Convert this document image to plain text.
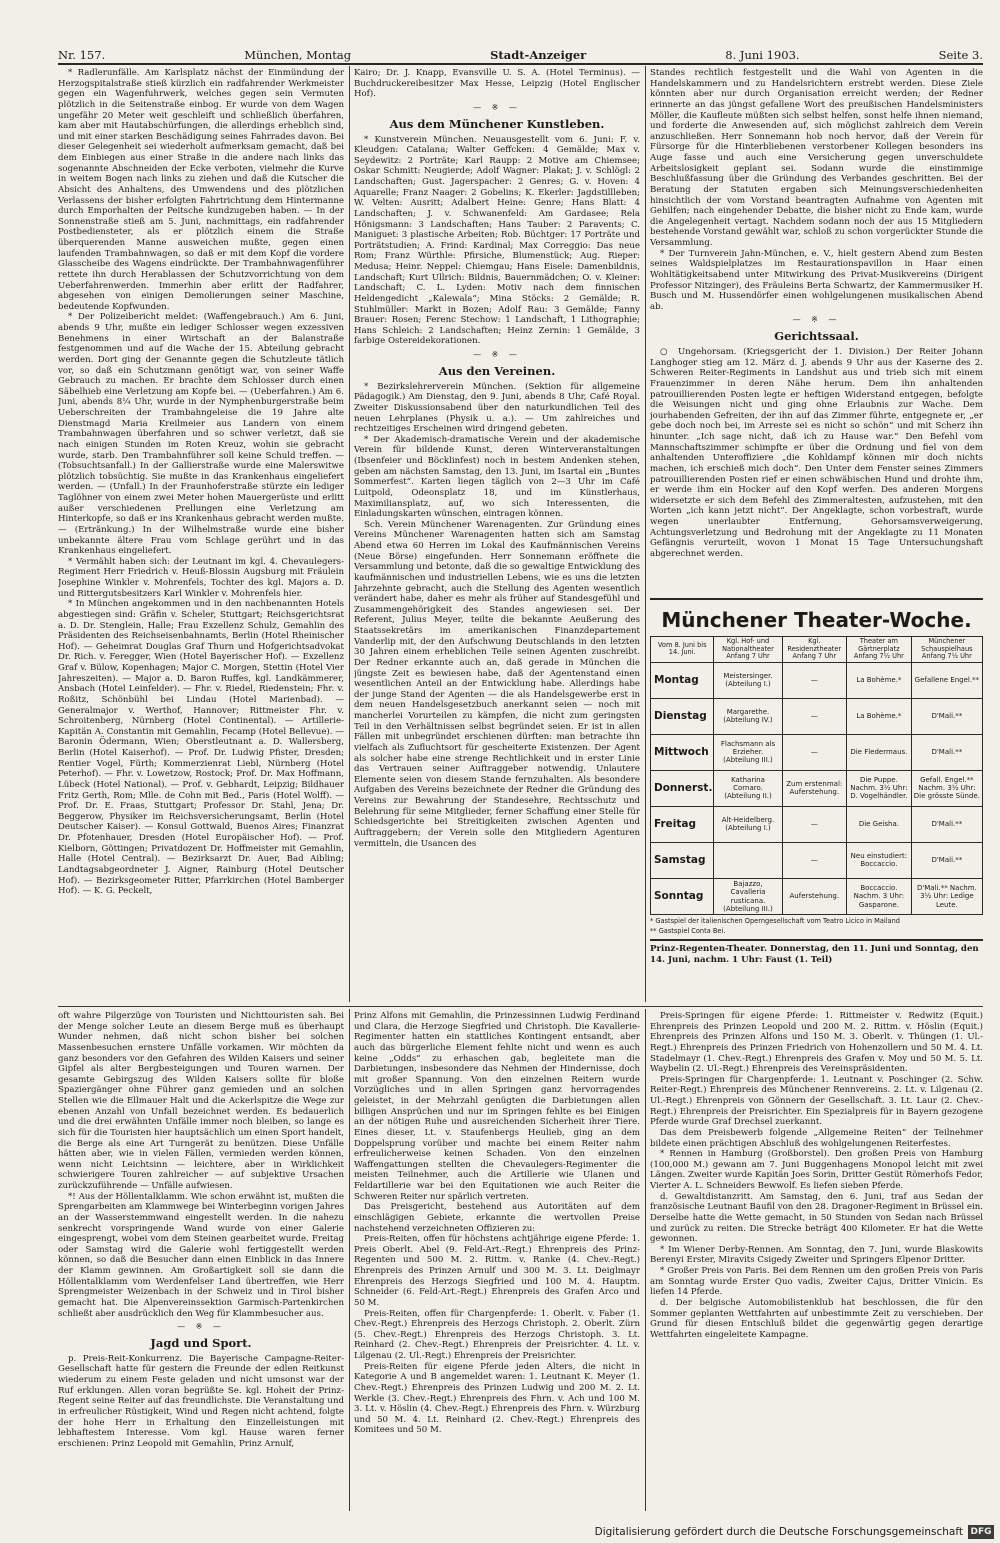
Nr. 157.	München, Montag	Stadt-Anzeiger	8. Juni 1903.	Seite 3.

* Radlerunfälle. Am Karlsplatz nächst der Einmündung der Herzogspitalstraße stieß kürzlich ein radfahrender Werkmeister gegen ein Wagenfuhrwerk, welches gegen sein Vermuten plötzlich in die Seitenstraße einbog. Er wurde von dem Wagen ungefähr 20 Meter weit geschleift und schließlich überfahren, kam aber mit Hautabschürfungen, die allerdings erheblich sind, und mit einer starken Beschädigung seines Fahrrades davon. Bei dieser Gelegenheit sei wiederholt aufmerksam gemacht, daß bei dem Einbiegen aus einer Straße in die andere nach links das sogenannte Abschneiden der Ecke verboten, vielmehr die Kurve in weitem Bogen nach links zu ziehen und daß die Kutscher die Absicht des Anhaltens, des Umwendens und des plötzlichen Verlassens der bisher erfolgten Fahrtrichtung dem Hintermanne durch Emporhalten der Peitsche kundzugeben haben. — In der Sonnenstraße stieß am 5. Juni, nachmittags, ein radfahrender Postbediensteter, als er plötzlich einem die Straße überquerenden Manne ausweichen mußte, gegen einen laufenden Trambahnwagen, so daß er mit dem Kopf die vordere Glasscheibe des Wagens eindrückte. Der Trambahnwagenführer rettete ihn durch Herablassen der Schutzvorrichtung von dem Ueberfahrenwerden. Immerhin aber erlitt der Radfahrer, abgesehen von einigen Demolierungen seiner Maschine, bedeutende Kopfwunden.

* Der Polizeibericht meldet: (Waffengebrauch.) Am 6. Juni, abends 9 Uhr, mußte ein lediger Schlosser wegen exzessiven Benehmens in einer Wirtschaft an der Balanstraße festgenommen und auf die Wache der 15. Abteilung gebracht werden. Dort ging der Genannte gegen die Schutzleute tätlich vor, so daß ein Schutzmann genötigt war, von seiner Waffe Gebrauch zu machen. Er brachte dem Schlosser durch einen Säbelhieb eine Verletzung am Kopfe bei. — (Ueberfahren.) Am 6. Juni, abends 8¼ Uhr, wurde in der Nymphenburgerstraße beim Ueberschreiten der Trambahngeleise die 19 Jahre alte Dienstmagd Maria Kreilmeier aus Landern von einem Trambahnwagen überfahren und so schwer verletzt, daß sie nach einigen Stunden im Roten Kreuz, wohin sie gebracht wurde, starb. Den Trambahnführer soll keine Schuld treffen. — (Tobsuchtsanfall.) In der Gallierstraße wurde eine Malerswitwe plötzlich tobsüchtig. Sie mußte in das Krankenhaus eingeliefert werden. — (Unfall.) In der Fraunhoferstraße stürzte ein lediger Taglöhner von einem zwei Meter hohen Mauergerüste und erlitt außer verschiedenen Prellungen eine Verletzung am Hinterkopfe, so daß er ins Krankenhaus gebracht werden mußte. — (Ertränkung.) In der Wilhelmstraße wurde eine bisher unbekannte ältere Frau vom Schlage gerührt und in das Krankenhaus eingeliefert.

* Vermählt haben sich: der Leutnant im kgl. 4. Chevaulegers-Regiment Herr Friedrich v. Heuß-Blossin Augsburg mit Fräulein Josephine Winkler v. Mohrenfels, Tochter des kgl. Majors a. D. und Rittergutsbesitzers Karl Winkler v. Mohrenfels hier.

* In München angekommen und in den nachbenannten Hotels abgestiegen sind: Gräfin v. Scheler, Stuttgart; Reichsgerichtsrat a. D. Dr. Stenglein, Halle; Frau Exzellenz Schulz, Gemahlin des Präsidenten des Reichseisenbahnamts, Berlin (Hotel Rheinischer Hof). — Geheimrat Douglas Graf Thurn und Hofgerichtsadvokat Dr. Rich. v. Feregger, Wien (Hotel Bayerischer Hof). — Exzellenz Graf v. Bülow, Kopenhagen; Major C. Morgen, Stettin (Hotel Vier Jahreszeiten). — Major a. D. Baron Ruffes, kgl. Landkämmerer, Ansbach (Hotel Leinfelder). — Fhr. v. Riedel, Riedenstein; Fhr. v. Roßitz, Schönbühl bei Lindau (Hotel Marienbad). — Generalmajor v. Werthof, Hannover; Rittmeister Fhr. v. Schroitenberg, Nürnberg (Hotel Continental). — Artillerie-Kapitän A. Constantin mit Gemahlin, Fecamp (Hotel Bellevue). — Baronin Ödermann, Wien; Oberstleutnant a. D. Wallersberg, Berlin (Hotel Kaiserhof). — Prof. Dr. Ludwig Pfister, Dresden; Rentier Vogel, Fürth; Kommerzienrat Liebl, Nürnberg (Hotel Peterhof). — Fhr. v. Lowetzow, Rostock; Prof. Dr. Max Hoffmann, Lübeck (Hotel National). — Prof. v. Gebhardt, Leipzig; Bildhauer Fritz Gerth, Rom; Mlle. de Cohn mit Bed., Paris (Hotel Wolff). — Prof. Dr. E. Fraas, Stuttgart; Professor Dr. Stahl, Jena; Dr. Beggerow, Physiker im Reichsversicherungsamt, Berlin (Hotel Deutscher Kaiser). — Konsul Gottwald, Buenos Aires; Finanzrat Dr. Pfotenhauer, Dresden (Hotel Europäischer Hof). — Prof. Kielborn, Göttingen; Privatdozent Dr. Hoffmeister mit Gemahlin, Halle (Hotel Central). — Bezirksarzt Dr. Auer, Bad Aibling; Landtagsabgeordneter J. Aigner, Rainburg (Hotel Deutscher Hof). — Bezirksgeometer Ritter, Pfarrkirchen (Hotel Bamberger Hof). — K. G. Peckelt,

Kairo; Dr. J. Knapp, Evansville U. S. A. (Hotel Terminus). — Buchdruckereibesitzer Max Hesse, Leipzig (Hotel Englischer Hof).

— ※ —
Aus dem Münchener Kunstleben.

* Kunstverein München. Neuausgestellt vom 6. Juni: F. v. Kleudgen: Catalana; Walter Geffcken: 4 Gemälde; Max v. Seydewitz: 2 Porträte; Karl Raupp: 2 Motive am Chiemsee; Oskar Schmitt: Neugierde; Adolf Wagner: Plakat; J. v. Schlögl: 2 Landschaften; Gust. Jagerspacher: 2 Genres; G. v. Hoven: 4 Aquarelle; Franz Naager: 2 Gobelins; K. Ekerler: Jagdstillleben; W. Velten: Ausritt; Adalbert Heine: Genre; Hans Blatt: 4 Landschaften; J. v. Schwanenfeld: Am Gardasee; Rela Hönigsmann: 3 Landschaften; Hans Tauber: 2 Paravents; C. Maniguet: 3 plastische Arbeiten; Rob. Büchtger: 17 Porträte und Porträtstudien; A. Frind: Kardinal; Max Correggio: Das neue Rom; Franz Würthle: Pfirsiche, Blumenstück; Aug. Rieper: Medusa; Heinr. Neppel: Chiemgau; Hans Eisele: Damenbildnis, Landschaft; Kurt Ullrich: Bildnis, Bauernmädchen; O. v. Kleiner: Landschaft; C. L. Lyden: Motiv nach dem finnischen Heldengedicht „Kalewala“; Mina Stöcks: 2 Gemälde; R. Stuhlmüller: Markt in Bozen; Adolf Rau: 3 Gemälde; Fanny Brauer: Rosen; Ferenc Stechow: 1 Landschaft, 1 Lithographie; Hans Schleich: 2 Landschaften; Heinz Zernin: 1 Gemälde, 3 farbige Ostereidekorationen.

— ※ —
Aus den Vereinen.

* Bezirkslehrerverein München. (Sektion für allgemeine Pädagogik.) Am Dienstag, den 9. Juni, abends 8 Uhr, Café Royal. Zweiter Diskussionsabend über den naturkundlichen Teil des neuen Lehrplanes (Physik u. a.). — Um zahlreiches und rechtzeitiges Erscheinen wird dringend gebeten.

* Der Akademisch-dramatische Verein und der akademische Verein für bildende Kunst, deren Winterveranstaltungen (Ibsenfeier und Böcklinfest) noch in bestem Andenken stehen, geben am nächsten Samstag, den 13. Juni, im Isartal ein „Buntes Sommerfest“. Karten liegen täglich von 2—3 Uhr im Café Luitpold, Odeonsplatz 18, und im Künstlerhaus, Maximiliansplatz, auf, wo sich Interessenten, die Einladungskarten wünschen, eintragen können.

Sch. Verein Münchener Warenagenten. Zur Gründung eines Vereins Münchener Warenagenten hatten sich am Samstag Abend etwa 60 Herren im Lokal des Kaufmännischen Vereins (Neue Börse) eingefunden. Herr Sonnemann eröffnete die Versammlung und betonte, daß die so gewaltige Entwicklung des kaufmännischen und industriellen Lebens, wie es uns die letzten Jahrzehnte gebracht, auch die Stellung des Agenten wesentlich verändert habe, daher es mehr als früher auf Standesgefühl und Zusammengehörigkeit des Standes angewiesen sei. Der Referent, Julius Meyer, teilte die bekannte Aeußerung des Staatssekretärs im amerikanischen Finanzdepartement Vanderlip mit, der den Aufschwung Deutschlands in den letzten 30 Jahren einem erheblichen Teile seinen Agenten zuschreibt. Der Redner erkannte auch an, daß gerade in München die jüngste Zeit es bewiesen habe, daß der Agentenstand einen wesentlichen Anteil an der Entwicklung habe. Allerdings habe der junge Stand der Agenten — die als Handelsgewerbe erst in dem neuen Handelsgesetzbuch anerkannt seien — noch mit mancherlei Vorurteilen zu kämpfen, die nicht zum geringsten Teil in den Verhältnissen selbst begründet seien. Er ist in allen Fällen mit unbegründet erschienen dürften: man betrachte ihn vielfach als Zufluchtsort für gescheiterte Existenzen. Der Agent als solcher habe eine strenge Rechtlichkeit und in erster Linie das Vertrauen seiner Auftraggeber notwendig. Unlautere Elemente seien von diesem Stande fernzuhalten. Als besondere Aufgaben des Vereins bezeichnete der Redner die Gründung des Vereins zur Bewahrung der Standesehre, Rechtsschutz und Belehrung für seine Mitglieder, ferner Schaffung einer Stelle für Schiedsgerichte bei Streitigkeiten zwischen Agenten und Auftraggebern; der Verein solle den Mitgliedern Agenturen vermitteln, die Usancen des

Standes rechtlich festgestellt und die Wahl von Agenten in die Handelskammern und zu Handelsrichtern erstrebt werden. Diese Ziele könnten aber nur durch Organisation erreicht werden; der Redner erinnerte an das jüngst gefallene Wort des preußischen Handelsministers Möller, die Kaufleute müßten sich selbst helfen, sonst helfe ihnen niemand, und forderte die Anwesenden auf, sich möglichst zahlreich dem Verein anzuschließen. Herr Sonnemann hob noch hervor, daß der Verein für Fürsorge für die Hinterbliebenen verstorbener Kollegen besonders ins Auge fasse und auch eine Versicherung gegen unverschuldete Arbeitslosigkeit geplant sei. Sodann wurde die einstimmige Beschlußfassung über die Gründung des Verbandes geschritten. Bei der Beratung der Statuten ergaben sich Meinungsverschiedenheiten hinsichtlich der vom Vorstand beantragten Aufnahme von Agenten mit Gehilfen; nach eingehender Debatte, die bisher nicht zu Ende kam, wurde die Angelegenheit vertagt. Nachdem sodann noch der aus 15 Mitgliedern bestehende Vorstand gewählt war, schloß zu schon vorgerückter Stunde die Versammlung.

* Der Turnverein Jahn-München, e. V., hielt gestern Abend zum Besten seines Waldspielplatzes im Restaurationspavillon in Haar einen Wohltätigkeitsabend unter Mitwirkung des Privat-Musikvereins (Dirigent Professor Nitzinger), des Fräuleins Berta Schwartz, der Kammermusiker H. Busch und M. Hussendörfer einen wohlgelungenen musikalischen Abend ab.

— ※ —
Gerichtssaal.

○ Ungehorsam. (Kriegsgericht der 1. Division.) Der Reiter Johann Langhoger stieg am 12. März d. J. abends 9 Uhr aus der Kaserne des 2. Schweren Reiter-Regiments in Landshut aus und trieb sich mit einem Frauenzimmer in deren Nähe herum. Dem ihn anhaltenden patrouillierenden Posten legte er heftigen Widerstand entgegen, befolgte die Weisungen nicht und ging ohne Erlaubnis zur Wache. Dem jourhabenden Gefreiten, der ihn auf das Zimmer führte, entgegnete er, „er gebe doch noch bei, im Arreste sei es nicht so schön“ und mit Scherz ihn hinunter. „Ich sage nicht, daß ich zu Hause war.“ Den Befehl vom Mannschaftszimmer schimpfte er über die Ordnung und fiel von dem anhaltenden Unteroffiziere „die Kohldampf können mir doch nichts machen, ich erschieß mich doch“. Den Unter dem Fenster seines Zimmers patrouillierenden Posten rief er einen schwäbischen Hund und drohte ihm, er werde ihm ein Hocker auf den Kopf werfen. Des anderen Morgens widersetzte er sich dem Befehl des Zimmeraltesten, aufzustehen, mit den Worten „ich kann jetzt nicht“. Der Angeklagte, schon vorbestraft, wurde wegen unerlaubter Entfernung, Gehorsamsverweigerung, Achtungsverletzung und Bedrohung mit der Angeklagte zu 11 Monaten Gefängnis verurteilt, wovon 1 Monat 15 Tage Untersuchungshaft abgerechnet werden.

Münchener Theater-Woche.
Vom 8. Juni bis 14. Juni.	Kgl. Hof- und Nationaltheater Anfang 7 Uhr	Kgl. Residenztheater Anfang 7 Uhr	Theater am Gärtnerplatz Anfang 7½ Uhr	Münchener Schauspielhaus Anfang 7½ Uhr
Montag	Meistersinger. (Abteilung I.)	—	La Bohème.*	Gefallene Engel.**
Dienstag	Margarethe. (Abteilung IV.)	—	La Bohème.*	D'Mali.**
Mittwoch	Flachsmann als Erzieher. (Abteilung III.)	—	Die Fledermaus.	D'Mali.**
Donnerst.	Katharina Cornaro. (Abteilung II.)	Zum erstenmal: Auferstehung.	Die Puppe. Nachm. 3½ Uhr: D. Vogelhändler.	Gefall. Engel.** Nachm. 3½ Uhr: Die grösste Sünde.
Freitag	Alt-Heidelberg. (Abteilung I.)	—	Die Geisha.	D'Mali.**
Samstag		—	Neu einstudiert: Boccaccio.	D'Mali.**
Sonntag	Bajazzo, Cavalleria rusticana. (Abteilung III.)	Auferstehung.	Boccaccio. Nachm. 3 Uhr: Gasparone.	D'Mali.** Nachm. 3½ Uhr: Ledige Leute.
* Gastspiel der italienischen Operngesellschaft vom Teatro Licico in Mailand
** Gastspiel Conta Bei.
Prinz-Regenten-Theater. Donnerstag, den 11. Juni und Sonntag, den 14. Juni, nachm. 1 Uhr: Faust (1. Teil)

oft wahre Pilgerzüge von Touristen und Nichttouristen sah. Bei der Menge solcher Leute an diesem Berge muß es überhaupt Wunder nehmen, daß nicht schon bisher bei solchen Massenbesuchen ernstere Unfälle vorkamen. Wir möchten da ganz besonders vor den Gefahren des Wilden Kaisers und seiner Gipfel als alter Bergbesteigungen und Touren warnen. Der gesamte Gebirgszug des Wilden Kaisers sollte für bloße Spaziergänger ohne Führer ganz gemieden und an solchen Stellen wie die Ellmauer Halt und die Ackerlspitze die Wege zur ebenen Anzahl von Unfall bezeichnet werden. Es bedauerlich und die drei erwähnten Unfälle immer noch bleiben, so lange es sich für die Touristen hier hauptsächlich um einen Sport handelt, die Berge als eine Art Turngerät zu benützen. Diese Unfälle hätten aber, wie in vielen Fällen, vermieden werden können, wenn nicht Leichtsinn — leichtere, aber in Wirklichkeit schwierigere Touren zahlreicher — auf subjektive Ursachen zurückzuführende — Unfälle aufwiesen.

*! Aus der Höllentalklamm. Wie schon erwähnt ist, mußten die Sprengarbeiten am Klammwege bei Winterbeginn vorigen Jahres an der Wasserstemmwand eingestellt werden. In die nahezu senkrecht vorspringende Wand wurde von einer Galerie eingesprengt, wobei vom dem Steinen gearbeitet wurde. Freitag oder Samstag wird die Galerie wohl fertiggestellt werden können, so daß die Besucher dann einen Einblick in das Innere der Klamm gewinnen. Am Großartigkeit soll sie dann die Höllentalklamm vom Werdenfelser Land übertreffen, wie Herr Sprengmeister Weizenbach in der Schweiz und in Tirol bisher gemacht hat. Die Alpenvereinssektion Garmisch-Partenkirchen schließt aber ausdrücklich den Weg für Klammbesucher aus.

— ※ —
Jagd und Sport.

p. Preis-Reit-Konkurrenz. Die Bayerische Campagne-Reiter-Gesellschaft hatte für gestern die Freunde der edlen Reitkunst wiederum zu einem Feste geladen und nicht umsonst war der Ruf erklungen. Allen voran begrüßte Se. kgl. Hoheit der Prinz-Regent seine Reiter auf das freundlichste. Die Veranstaltung und in erfreulicher Rüstigkeit, Wind und Regen nicht achtend, folgte der hohe Herr in Erhaltung den Einzelleistungen mit lebhaftestem Interesse. Vom kgl. Hause waren ferner erschienen: Prinz Leopold mit Gemahlin, Prinz Arnulf,

Prinz Alfons mit Gemahlin, die Prinzessinnen Ludwig Ferdinand und Clara, die Herzoge Siegfried und Christoph. Die Kavallerie-Regimenter hatten ein stattliches Kontingent entsandt, aber auch das bürgerliche Element fehlte nicht und wenn es auch keine „Odds“ zu erhaschen gab, begleitete man die Darbietungen, insbesondere das Nehmen der Hindernisse, doch mit großer Spannung. Von den einzelnen Reitern wurde Vorzügliches und in allen Springen ganz hervorragendes geleistet, in der Mehrzahl genügten die Darbietungen allen billigen Ansprüchen und nur im Springen fehlte es bei Einigen an der nötigen Ruhe und ausreichenden Sicherheit ihrer Tiere. Eines dieser, Lt. v. Staufenbergs Heulieb, ging an dem Doppelsprung vorüber und machte bei einem Reiter nahm erfreulicherweise keinen Schaden. Von den einzelnen Waffengattungen stellten die Chevaulegers-Regimenter die meisten Teilnehmer, auch die Artillerie wie Ulanen und Feldartillerie war bei den Equitationen wie auch Reiter die Schweren Reiter nur spärlich vertreten.

Das Preisgericht, bestehend aus Autoritäten auf dem einschlägigen Gebiete, erkannte die wertvollen Preise nachstehend verzeichneten Offizieren zu:

Preis-Reiten, offen für höchstens achtjährige eigene Pferde: 1. Preis Oberlt. Abel (9. Feld-Art.-Regt.) Ehrenpreis des Prinz-Regenten und 500 M. 2. Rittm. v. Ranke (4. Chev.-Regt.) Ehrenpreis des Prinzen Arnulf und 300 M. 3. Lt. Deiglmayr Ehrenpreis des Herzogs Siegfried und 100 M. 4. Hauptm. Schneider (6. Feld-Art.-Regt.) Ehrenpreis des Grafen Arco und 50 M.

Preis-Reiten, offen für Chargenpferde: 1. Oberlt. v. Faber (1. Chev.-Regt.) Ehrenpreis des Herzogs Christoph. 2. Oberlt. Zürn (5. Chev.-Regt.) Ehrenpreis des Herzogs Christoph. 3. Lt. Reinhard (2. Chev.-Regt.) Ehrenpreis der Preisrichter. 4. Lt. v. Lilgenau (2. Ul.-Regt.) Ehrenpreis der Preisrichter.

Preis-Reiten für eigene Pferde jeden Alters, die nicht in Kategorie A und B angemeldet waren: 1. Leutnant K. Meyer (1. Chev.-Regt.) Ehrenpreis des Prinzen Ludwig und 200 M. 2. Lt. Werkle (3. Chev.-Regt.) Ehrenpreis des Fhrn. v. Ach und 100 M. 3. Lt. v. Höslin (4. Chev.-Regt.) Ehrenpreis des Fhrn. v. Würzburg und 50 M. 4. Lt. Reinhard (2. Chev.-Regt.) Ehrenpreis des Komitees und 50 M.

Preis-Springen für eigene Pferde: 1. Rittmeister v. Redwitz (Equit.) Ehrenpreis des Prinzen Leopold und 200 M. 2. Rittm. v. Höslin (Equit.) Ehrenpreis des Prinzen Alfons und 150 M. 3. Oberlt. v. Thüngen (1. Ul.-Regt.) Ehrenpreis des Prinzen Friedrich von Hohenzollern und 50 M. 4. Lt. Stadelmayr (1. Chev.-Regt.) Ehrenpreis des Grafen v. Moy und 50 M. 5. Lt. Waybelin (2. Ul.-Regt.) Ehrenpreis des Vereinspräsidenten.

Preis-Springen für Chargenpferde: 1. Leutnant v. Poschinger (2. Schw. Reiter-Regt.) Ehrenpreis des Münchener Rennvereins. 2. Lt. v. Lilgenau (2. Ul.-Regt.) Ehrenpreis von Gönnern der Gesellschaft. 3. Lt. Laur (2. Chev.-Regt.) Ehrenpreis der Preisrichter. Ein Spezialpreis für in Bayern gezogene Pferde wurde Graf Drechsel zuerkannt.

Das dem Preisbewerb folgende „Allgemeine Reiten“ der Teilnehmer bildete einen prächtigen Abschluß des wohlgelungenen Reiterfestes.

* Rennen in Hamburg (Großborstel). Den großen Preis von Hamburg (100,000 M.) gewann am 7. Juni Buggenhagens Monopol leicht mit zwei Längen. Zweiter wurde Kapitän Joes Sorin, Dritter Gestüt Römerhofs Fedor, Vierter A. L. Schneiders Bewwolf. Es liefen sieben Pferde.

d. Gewaltdistanzritt. Am Samstag, den 6. Juni, traf aus Sedan der französische Leutnant Baufil von den 28. Dragoner-Regiment in Brüssel ein. Derselbe hatte die Wette gemacht, in 50 Stunden von Sedan nach Brüssel und zurück zu reiten. Die Strecke beträgt 400 Kilometer. Er hat die Wette gewonnen.

* Im Wiener Derby-Rennen. Am Sonntag, den 7. Juni, wurde Blaskowits Berenyi Erster, Miravits Csigedy Zweiter und Springers Elpenor Dritter.

* Großer Preis von Paris. Bei dem Rennen um den großen Preis von Paris am Sonntag wurde Erster Quo vadis, Zweiter Cajus, Dritter Vinicin. Es liefen 14 Pferde.

d. Der belgische Automobilistenklub hat beschlossen, die für den Sommer geplanten Wettfahrten auf unbestimmte Zeit zu verschieben. Der Grund für diesen Entschluß bildet die gegenwärtig gegen derartige Wettfahrten eingeleitete Kampagne.

Digitalisierung gefördert durch die Deutsche Forschungsgemeinschaft DFG
